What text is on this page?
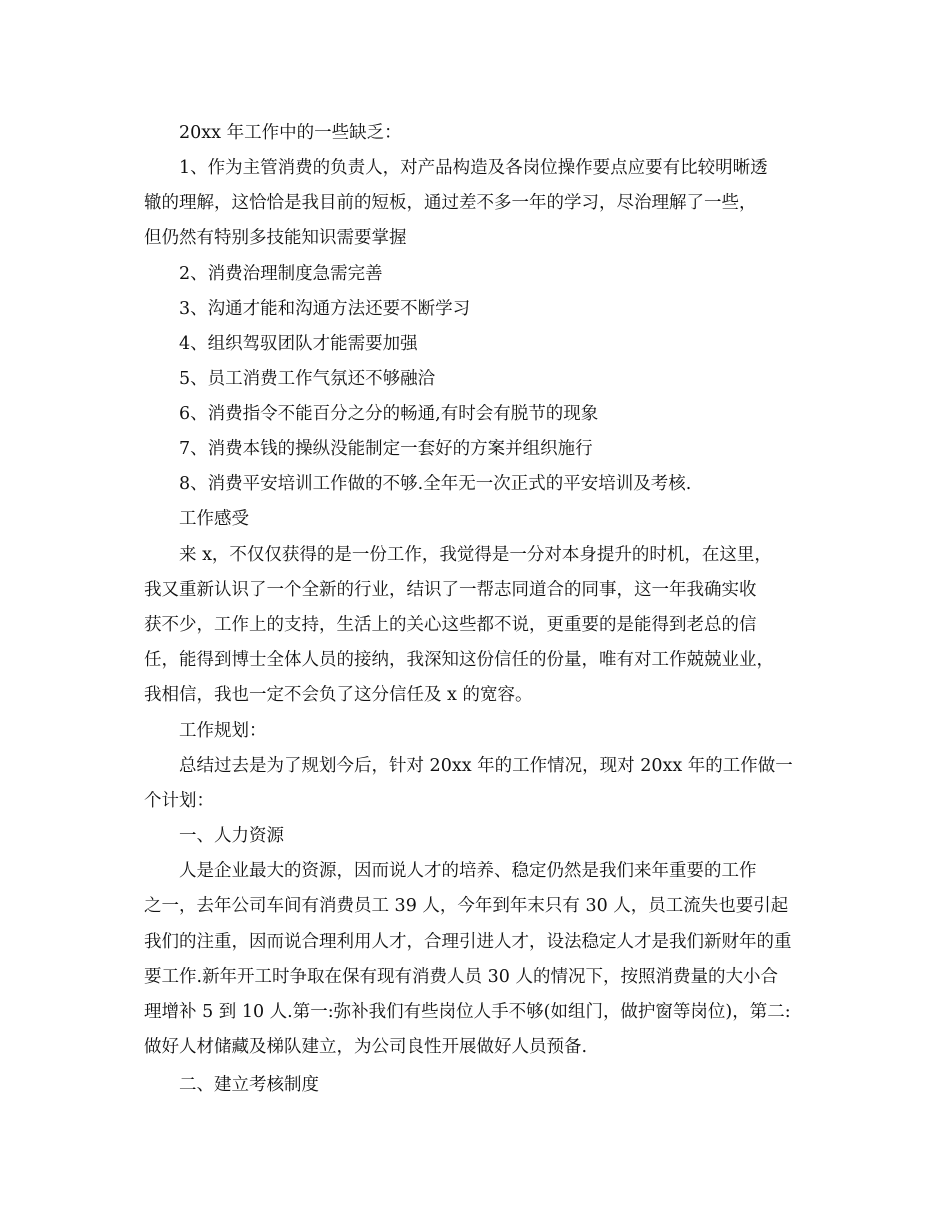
20xx 年工作中的一些缺乏：
1、作为主管消费的负责人，对产品构造及各岗位操作要点应要有比较明晰透
辙的理解，这恰恰是我目前的短板，通过差不多一年的学习，尽治理解了一些，
但仍然有特别多技能知识需要掌握
2、消费治理制度急需完善
3、沟通才能和沟通方法还要不断学习
4、组织驾驭团队才能需要加强
5、员工消费工作气氛还不够融洽
6、消费指令不能百分之分的畅通,有时会有脱节的现象
7、消费本钱的操纵没能制定一套好的方案并组织施行
8、消费平安培训工作做的不够.全年无一次正式的平安培训及考核.
工作感受
来 x，不仅仅获得的是一份工作，我觉得是一分对本身提升的时机，在这里，
我又重新认识了一个全新的行业，结识了一帮志同道合的同事，这一年我确实收
获不少，工作上的支持，生活上的关心这些都不说，更重要的是能得到老总的信
任，能得到博士全体人员的接纳，我深知这份信任的份量，唯有对工作兢兢业业，
我相信，我也一定不会负了这分信任及 x 的宽容。
工作规划：
总结过去是为了规划今后，针对 20xx 年的工作情况，现对 20xx 年的工作做一
个计划：
一、人力资源
人是企业最大的资源，因而说人才的培养、稳定仍然是我们来年重要的工作
之一，去年公司车间有消费员工 39 人，今年到年末只有 30 人，员工流失也要引起
我们的注重，因而说合理利用人才，合理引进人才，设法稳定人才是我们新财年的重
要工作.新年开工时争取在保有现有消费人员 30 人的情况下，按照消费量的大小合
理增补 5 到 10 人.第一:弥补我们有些岗位人手不够(如组门，做护窗等岗位)，第二:
做好人材储藏及梯队建立，为公司良性开展做好人员预备.
二、建立考核制度
